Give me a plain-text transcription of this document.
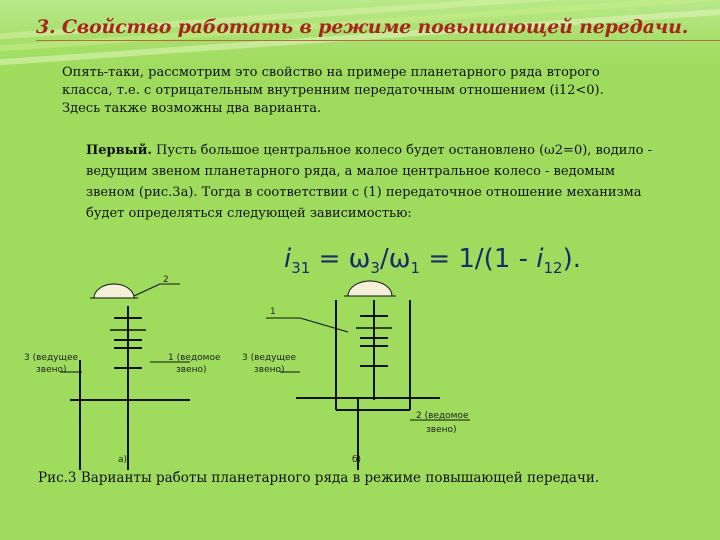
3. Свойство работать в режиме повышающей передачи.
Опять-таки, рассмотрим это свойство на примере планетарного ряда второго класса, т.е. с отрицательным внутренним передаточным отношением (i12<0). Здесь также возможны два варианта.
Первый. Пусть большое центральное колесо будет остановлено (ω2=0), водило - ведущим звеном планетарного ряда, а малое центральное колесо - ведомым звеном (рис.3а). Тогда в соответствии с (1) передаточное отношение механизма будет определяться следующей зависимостью:
$i_{31} = \omega_3/\omega_1 = 1/(1 - i_{12})$.
2
3 (ведущее
звено)
1 (ведомое
звено)
а)
1
3 (ведущее
звено)
2 (ведомое
звено)
б)
Рис.3 Варианты работы планетарного ряда в режиме повышающей передачи.
